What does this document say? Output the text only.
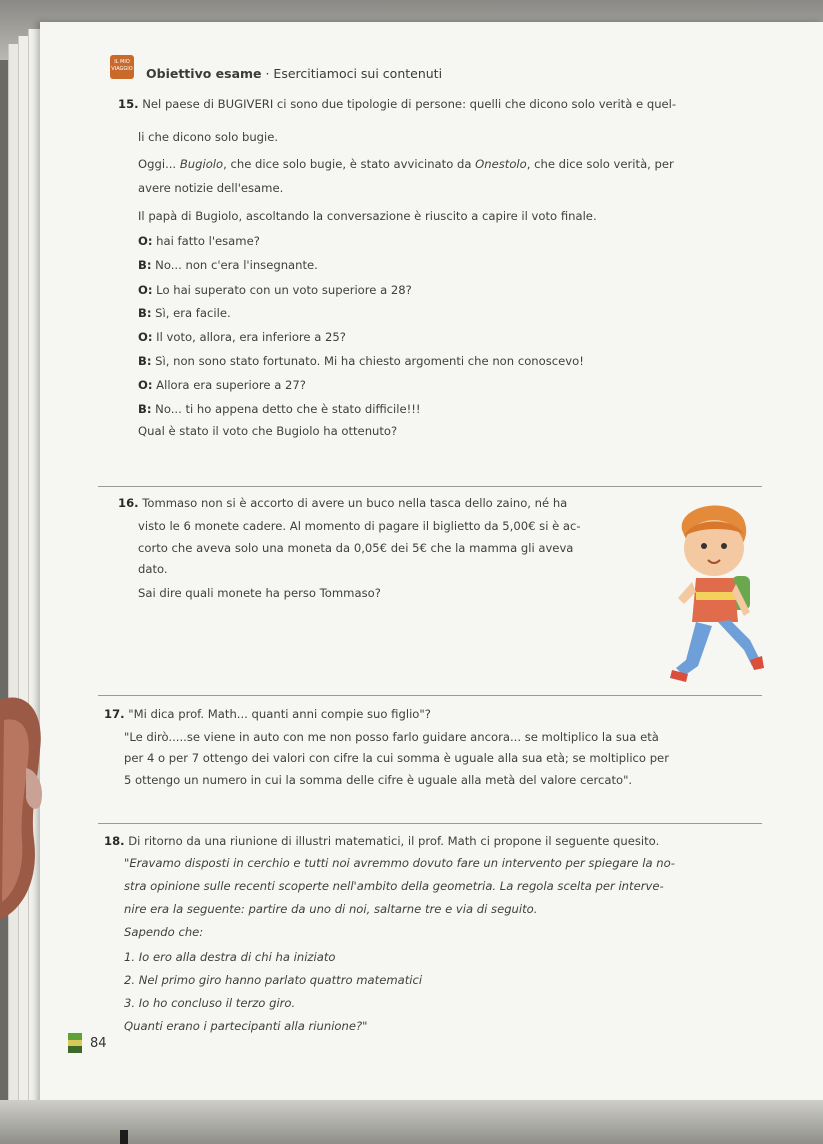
IL MIO VIAGGIO Obiettivo esame · Esercitiamoci sui contenuti
15. Nel paese di BUGIVERI ci sono due tipologie di persone: quelli che dicono solo verità e quel-
li che dicono solo bugie.
Oggi... Bugiolo, che dice solo bugie, è stato avvicinato da Onestolo, che dice solo verità, per
avere notizie dell'esame.
Il papà di Bugiolo, ascoltando la conversazione è riuscito a capire il voto finale.
O: hai fatto l'esame?
B: No... non c'era l'insegnante.
O: Lo hai superato con un voto superiore a 28?
B: Sì, era facile.
O: Il voto, allora, era inferiore a 25?
B: Sì, non sono stato fortunato. Mi ha chiesto argomenti che non conoscevo!
O: Allora era superiore a 27?
B: No... ti ho appena detto che è stato difficile!!!
Qual è stato il voto che Bugiolo ha ottenuto?
16. Tommaso non si è accorto di avere un buco nella tasca dello zaino, né ha
visto le 6 monete cadere. Al momento di pagare il biglietto da 5,00€ si è ac-
corto che aveva solo una moneta da 0,05€ dei 5€ che la mamma gli aveva
dato.
Sai dire quali monete ha perso Tommaso?
17. "Mi dica prof. Math... quanti anni compie suo figlio"?
"Le dirò.....se viene in auto con me non posso farlo guidare ancora... se moltiplico la sua età
per 4 o per 7 ottengo dei valori con cifre la cui somma è uguale alla sua età; se moltiplico per
5 ottengo un numero in cui la somma delle cifre è uguale alla metà del valore cercato".
18. Di ritorno da una riunione di illustri matematici, il prof. Math ci propone il seguente quesito.
"Eravamo disposti in cerchio e tutti noi avremmo dovuto fare un intervento per spiegare la no-
stra opinione sulle recenti scoperte nell'ambito della geometria. La regola scelta per interve-
nire era la seguente: partire da uno di noi, saltarne tre e via di seguito.
Sapendo che:
1. Io ero alla destra di chi ha iniziato
2. Nel primo giro hanno parlato quattro matematici
3. Io ho concluso il terzo giro.
Quanti erano i partecipanti alla riunione?"
84
